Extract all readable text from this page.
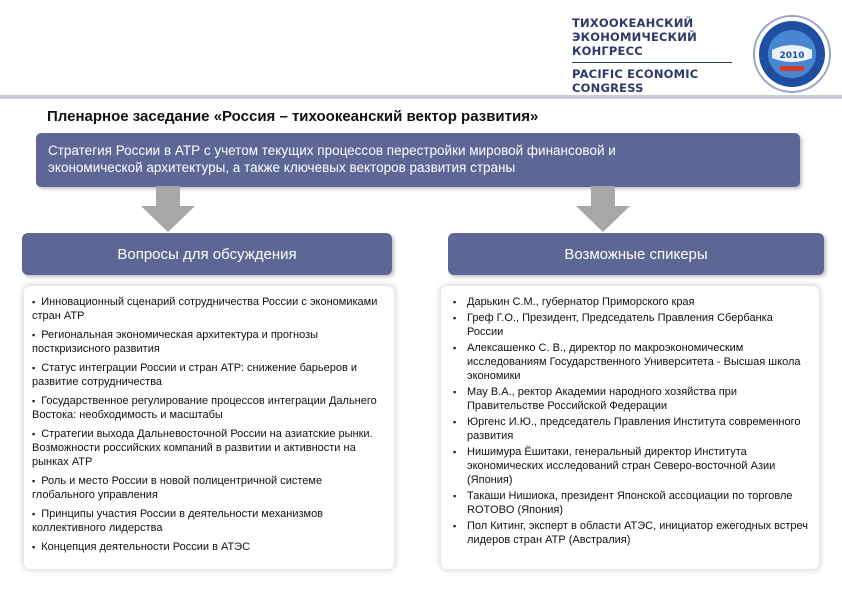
ТИХООКЕАНСКИЙ
ЭКОНОМИЧЕСКИЙ КОНГРЕСС
PACIFIC ECONOMIC
CONGRESS
2010
Пленарное заседание «Россия – тихоокеанский вектор развития»
Стратегия России в АТР с учетом текущих процессов перестройки мировой финансовой и
экономической архитектуры, а также ключевых векторов развития страны
Вопросы для обсуждения
▪ Инновационный сценарий сотрудничества России с экономиками стран АТР
▪ Региональная экономическая архитектура и прогнозы посткризисного развития
▪ Статус интеграции России и стран АТР: снижение барьеров и развитие сотрудничества
▪ Государственное регулирование процессов интеграции Дальнего Востока: необходимость и масштабы
▪ Стратегии выхода Дальневосточной России на азиатские рынки. Возможности российских компаний в развитии и активности на рынках АТР
▪ Роль и место России в новой полицентричной системе глобального управления
▪ Принципы участия России в деятельности механизмов коллективного лидерства
▪ Концепция деятельности России в АТЭС
Возможные спикеры
▪ Дарькин С.М., губернатор Приморского края
▪ Греф Г.О., Президент, Председатель Правления Сбербанка России
▪ Алексашенко С. В., директор по макроэкономическим исследованиям Государственного Университета - Высшая школа экономики
▪ Мау В.А., ректор Академии народного хозяйства при Правительстве Российской Федерации
▪ Юргенс И.Ю., председатель Правления Института современного развития
▪ Нишимура Ёшитаки, генеральный директор Института экономических исследований стран Северо-восточной Азии (Япония)
▪ Такаши Нишиока, президент Японской ассоциации по торговле ROTOBO (Япония)
▪ Пол Китинг, эксперт в области АТЭС, инициатор ежегодных встреч лидеров стран АТР (Австралия)
